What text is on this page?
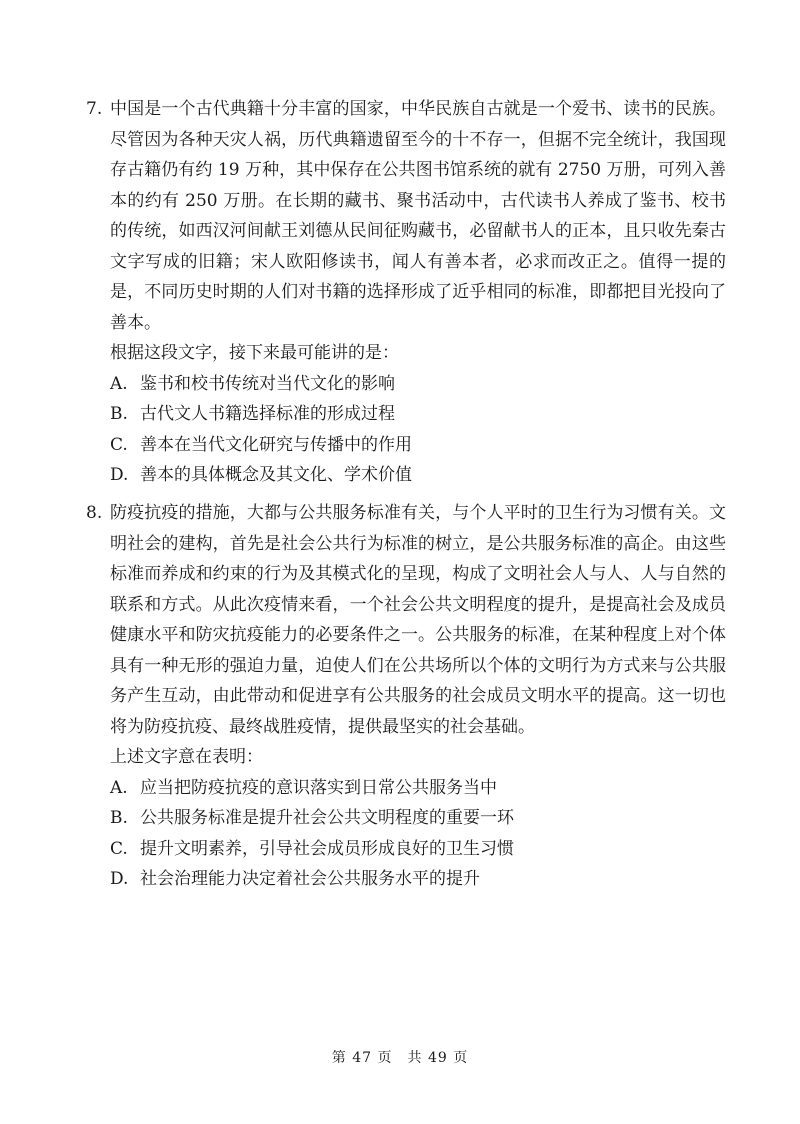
7. 中国是一个古代典籍十分丰富的国家，中华民族自古就是一个爱书、读书的民族。尽管因为各种天灾人祸，历代典籍遗留至今的十不存一，但据不完全统计，我国现存古籍仍有约 19 万种，其中保存在公共图书馆系统的就有 2750 万册，可列入善本的约有 250 万册。在长期的藏书、聚书活动中，古代读书人养成了鉴书、校书的传统，如西汉河间献王刘德从民间征购藏书，必留献书人的正本，且只收先秦古文字写成的旧籍；宋人欧阳修读书，闻人有善本者，必求而改正之。值得一提的是，不同历史时期的人们对书籍的选择形成了近乎相同的标准，即都把目光投向了善本。

根据这段文字，接下来最可能讲的是：
A. 鉴书和校书传统对当代文化的影响
B. 古代文人书籍选择标准的形成过程
C. 善本在当代文化研究与传播中的作用
D. 善本的具体概念及其文化、学术价值
8. 防疫抗疫的措施，大都与公共服务标准有关，与个人平时的卫生行为习惯有关。文明社会的建构，首先是社会公共行为标准的树立，是公共服务标准的高企。由这些标准而养成和约束的行为及其模式化的呈现，构成了文明社会人与人、人与自然的联系和方式。从此次疫情来看，一个社会公共文明程度的提升，是提高社会及成员健康水平和防灾抗疫能力的必要条件之一。公共服务的标准，在某种程度上对个体具有一种无形的强迫力量，迫使人们在公共场所以个体的文明行为方式来与公共服务产生互动，由此带动和促进享有公共服务的社会成员文明水平的提高。这一切也将为防疫抗疫、最终战胜疫情，提供最坚实的社会基础。

上述文字意在表明：
A. 应当把防疫抗疫的意识落实到日常公共服务当中
B. 公共服务标准是提升社会公共文明程度的重要一环
C. 提升文明素养，引导社会成员形成良好的卫生习惯
D. 社会治理能力决定着社会公共服务水平的提升
第 47 页　共 49 页
